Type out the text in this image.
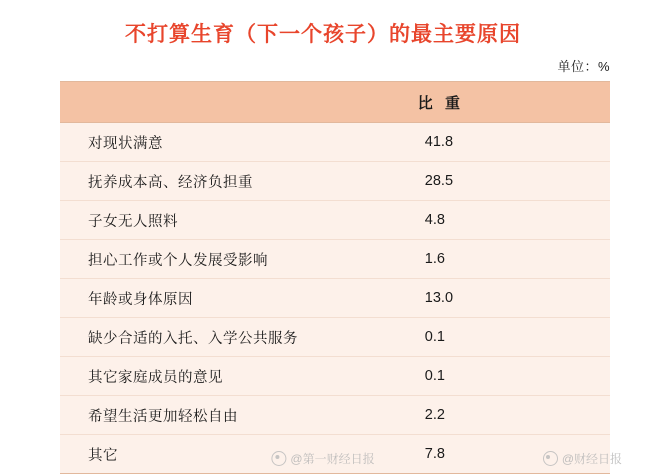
不打算生育（下一个孩子）的最主要原因
单位：%
	比 重
对现状满意	41.8
抚养成本高、经济负担重	28.5
子女无人照料	4.8
担心工作或个人发展受影响	1.6
年龄或身体原因	13.0
缺少合适的入托、入学公共服务	0.1
其它家庭成员的意见	0.1
希望生活更加轻松自由	2.2
其它	7.8
@第一财经日报	@财经日报
